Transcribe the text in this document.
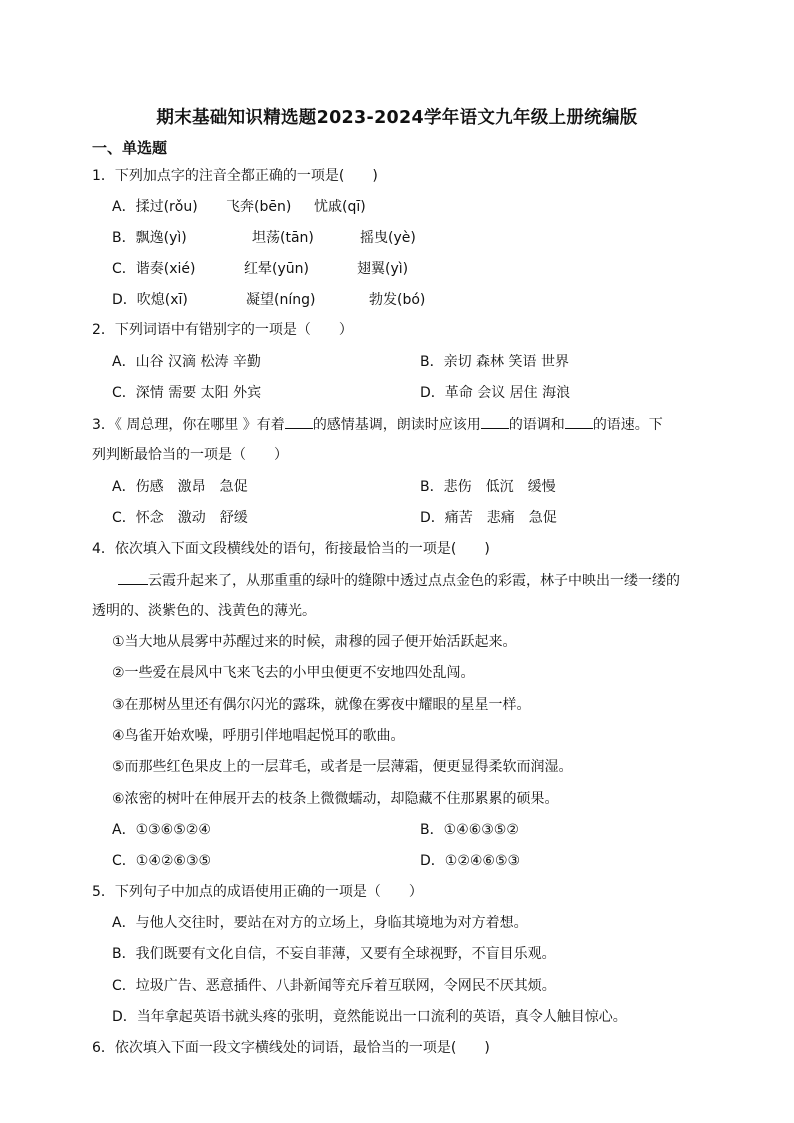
期末基础知识精选题2023-2024学年语文九年级上册统编版
一、单选题
1．下列加点字的注音全都正确的一项是(　　)
A．揉过(rǒu) 飞奔(bēn) 忧戚(qī)
B．飘逸(yì)	坦荡(tān)	摇曳(yè)
C．谐奏(xié)	红晕(yūn)	翅翼(yì)
D．吹熄(xī)	凝望(níng)	勃发(bó)
2．下列词语中有错别字的一项是（　　）
A．山谷 汉滴 松涛 辛勤	B．亲切 森林 笑语 世界
C．深情 需要 太阳 外宾	D．革命 会议 居住 海浪
3．《 周总理，你在哪里 》有着 的感情基调，朗读时应该用 的语调和 的语速。下
列判断最恰当的一项是（　　）
A．伤感　激昂　急促	B．悲伤　低沉　缓慢
C．怀念　激动　舒缓	D．痛苦　悲痛　急促
4．依次填入下面文段横线处的语句，衔接最恰当的一项是(　　)
云霞升起来了，从那重重的绿叶的缝隙中透过点点金色的彩霞，林子中映出一缕一缕的
透明的、淡紫色的、浅黄色的薄光。
①当大地从晨雾中苏醒过来的时候，肃穆的园子便开始活跃起来。
②一些爱在晨风中飞来飞去的小甲虫便更不安地四处乱闯。
③在那树丛里还有偶尔闪光的露珠，就像在雾夜中耀眼的星星一样。
④鸟雀开始欢噪，呼朋引伴地唱起悦耳的歌曲。
⑤而那些红色果皮上的一层茸毛，或者是一层薄霜，便更显得柔软而润湿。
⑥浓密的树叶在伸展开去的枝条上微微蠕动，却隐藏不住那累累的硕果。
A．①③⑥⑤②④	B．①④⑥③⑤②
C．①④②⑥③⑤	D．①②④⑥⑤③
5．下列句子中加点的成语使用正确的一项是（　　）
A．与他人交往时，要站在对方的立场上，身临其境地为对方着想。
B．我们既要有文化自信，不妄自菲薄，又要有全球视野，不盲目乐观。
C．垃圾广告、恶意插件、八卦新闻等充斥着互联网，令网民不厌其烦。
D．当年拿起英语书就头疼的张明，竟然能说出一口流利的英语，真令人触目惊心。
6．依次填入下面一段文字横线处的词语，最恰当的一项是(　　)
